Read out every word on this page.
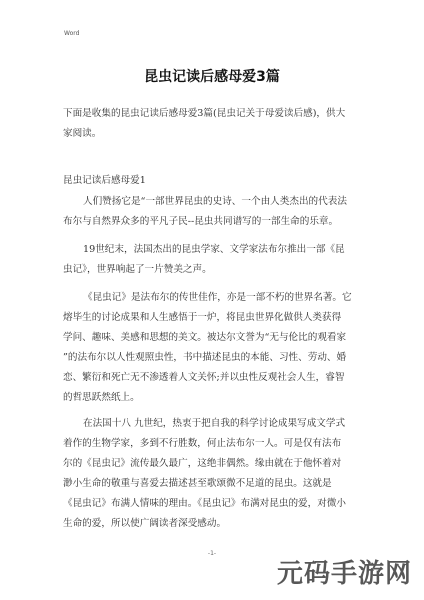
Word
昆虫记读后感母爱3篇
下面是收集的昆虫记读后感母爱3篇(昆虫记关于母爱读后感)，供大
家阅读。
昆虫记读后感母爱1
人们赞扬它是“一部世界昆虫的史诗、一个由人类杰出的代表法
布尔与自然界众多的平凡子民--昆虫共同谱写的一部生命的乐章。
19世纪末，法国杰出的昆虫学家、文学家法布尔推出一部《昆
虫记》，世界响起了一片赞美之声。
《昆虫记》是法布尔的传世佳作，亦是一部不朽的世界名著。它
熔毕生的讨论成果和人生感悟于一炉，将昆虫世界化做供人类获得
学问、趣味、美感和思想的美文。被达尔文誉为“无与伦比的观看家
”的法布尔以人性观照虫性，书中描述昆虫的本能、习性、劳动、婚
恋、繁衍和死亡无不渗透着人文关怀;并以虫性反观社会人生，睿智
的哲思跃然纸上。
在法国十八 九世纪，热衷于把自我的科学讨论成果写成文学式
着作的生物学家，多到不行胜数，何止法布尔一人。可是仅有法布
尔的《昆虫记》流传最久最广，这绝非偶然。缘由就在于他怀着对
渺小生命的敬重与喜爱去描述甚至歌颂微不足道的昆虫。这就是
《昆虫记》布满人情味的理由。《昆虫记》布满对昆虫的爱，对微小
生命的爱，所以使广阔读者深受感动。
-1-
元码手游网
